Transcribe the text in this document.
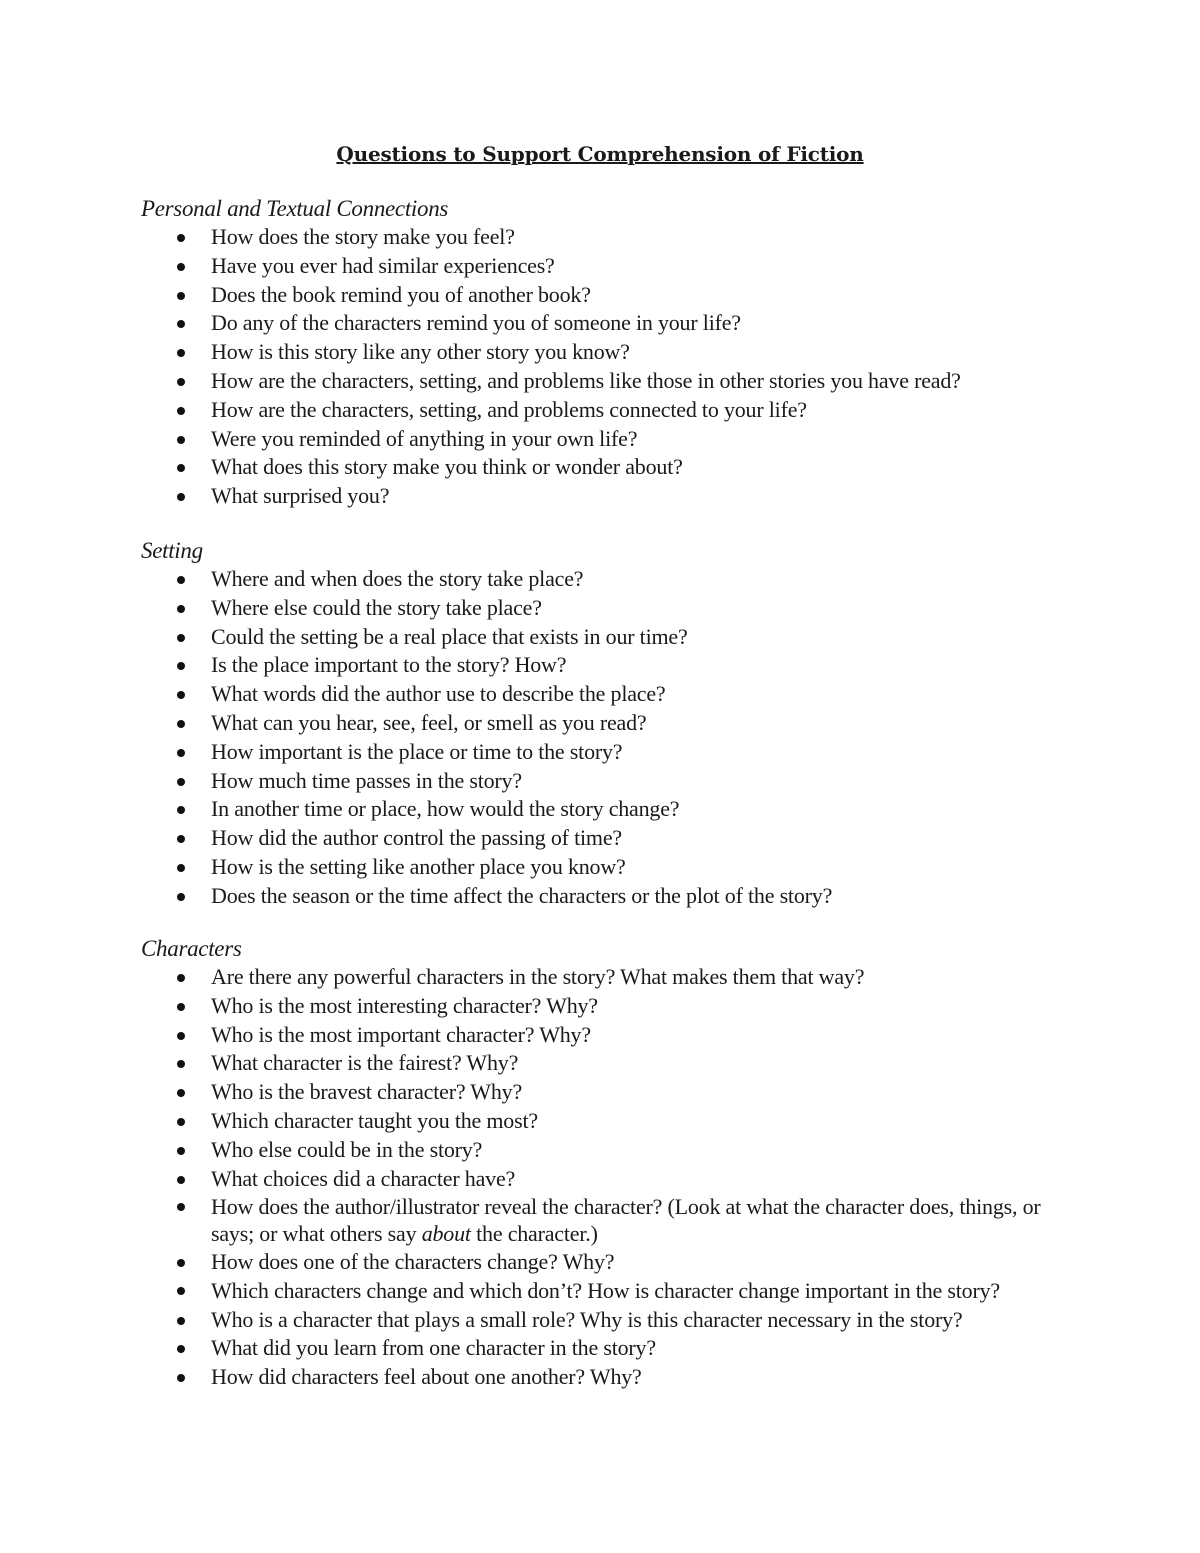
Questions to Support Comprehension of Fiction

Personal and Textual Connections

How does the story make you feel?
Have you ever had similar experiences?
Does the book remind you of another book?
Do any of the characters remind you of someone in your life?
How is this story like any other story you know?
How are the characters, setting, and problems like those in other stories you have read?
How are the characters, setting, and problems connected to your life?
Were you reminded of anything in your own life?
What does this story make you think or wonder about?
What surprised you?

Setting

Where and when does the story take place?
Where else could the story take place?
Could the setting be a real place that exists in our time?
Is the place important to the story? How?
What words did the author use to describe the place?
What can you hear, see, feel, or smell as you read?
How important is the place or time to the story?
How much time passes in the story?
In another time or place, how would the story change?
How did the author control the passing of time?
How is the setting like another place you know?
Does the season or the time affect the characters or the plot of the story?

Characters

Are there any powerful characters in the story? What makes them that way?
Who is the most interesting character? Why?
Who is the most important character? Why?
What character is the fairest? Why?
Who is the bravest character? Why?
Which character taught you the most?
Who else could be in the story?
What choices did a character have?
How does the author/illustrator reveal the character? (Look at what the character does, things, or says; or what others say about the character.)
How does one of the characters change? Why?
Which characters change and which don’t? How is character change important in the story?
Who is a character that plays a small role? Why is this character necessary in the story?
What did you learn from one character in the story?
How did characters feel about one another? Why?
